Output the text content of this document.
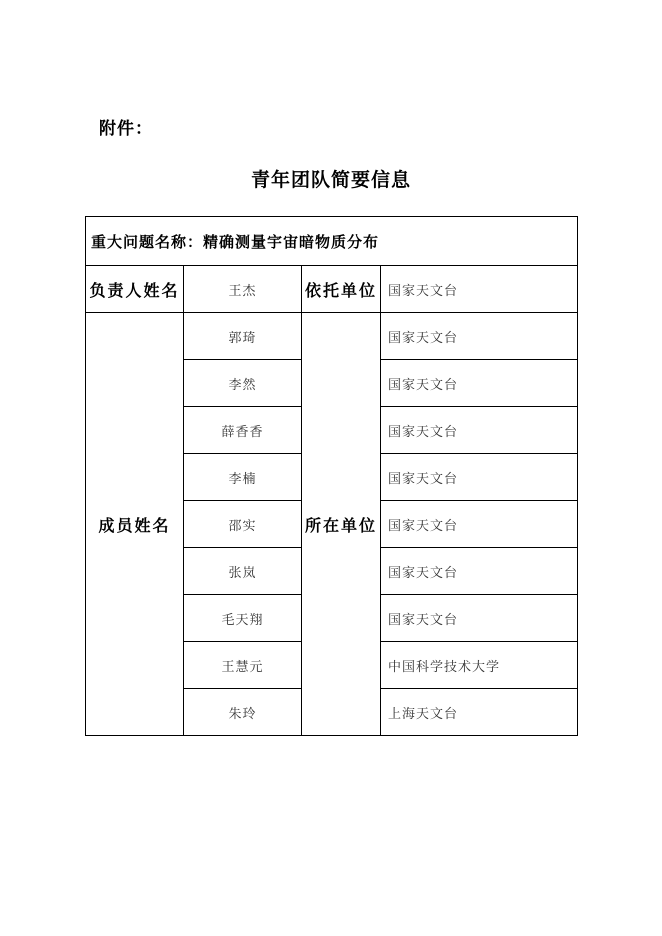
附件：
青年团队简要信息
重大问题名称：精确测量宇宙暗物质分布			
负责人姓名	王杰	依托单位	国家天文台
成员姓名	郭琦	所在单位	国家天文台
	李然		国家天文台
	薛香香		国家天文台
	李楠		国家天文台
	邵实		国家天文台
	张岚		国家天文台
	毛天翔		国家天文台
	王慧元		中国科学技术大学
	朱玲		上海天文台
